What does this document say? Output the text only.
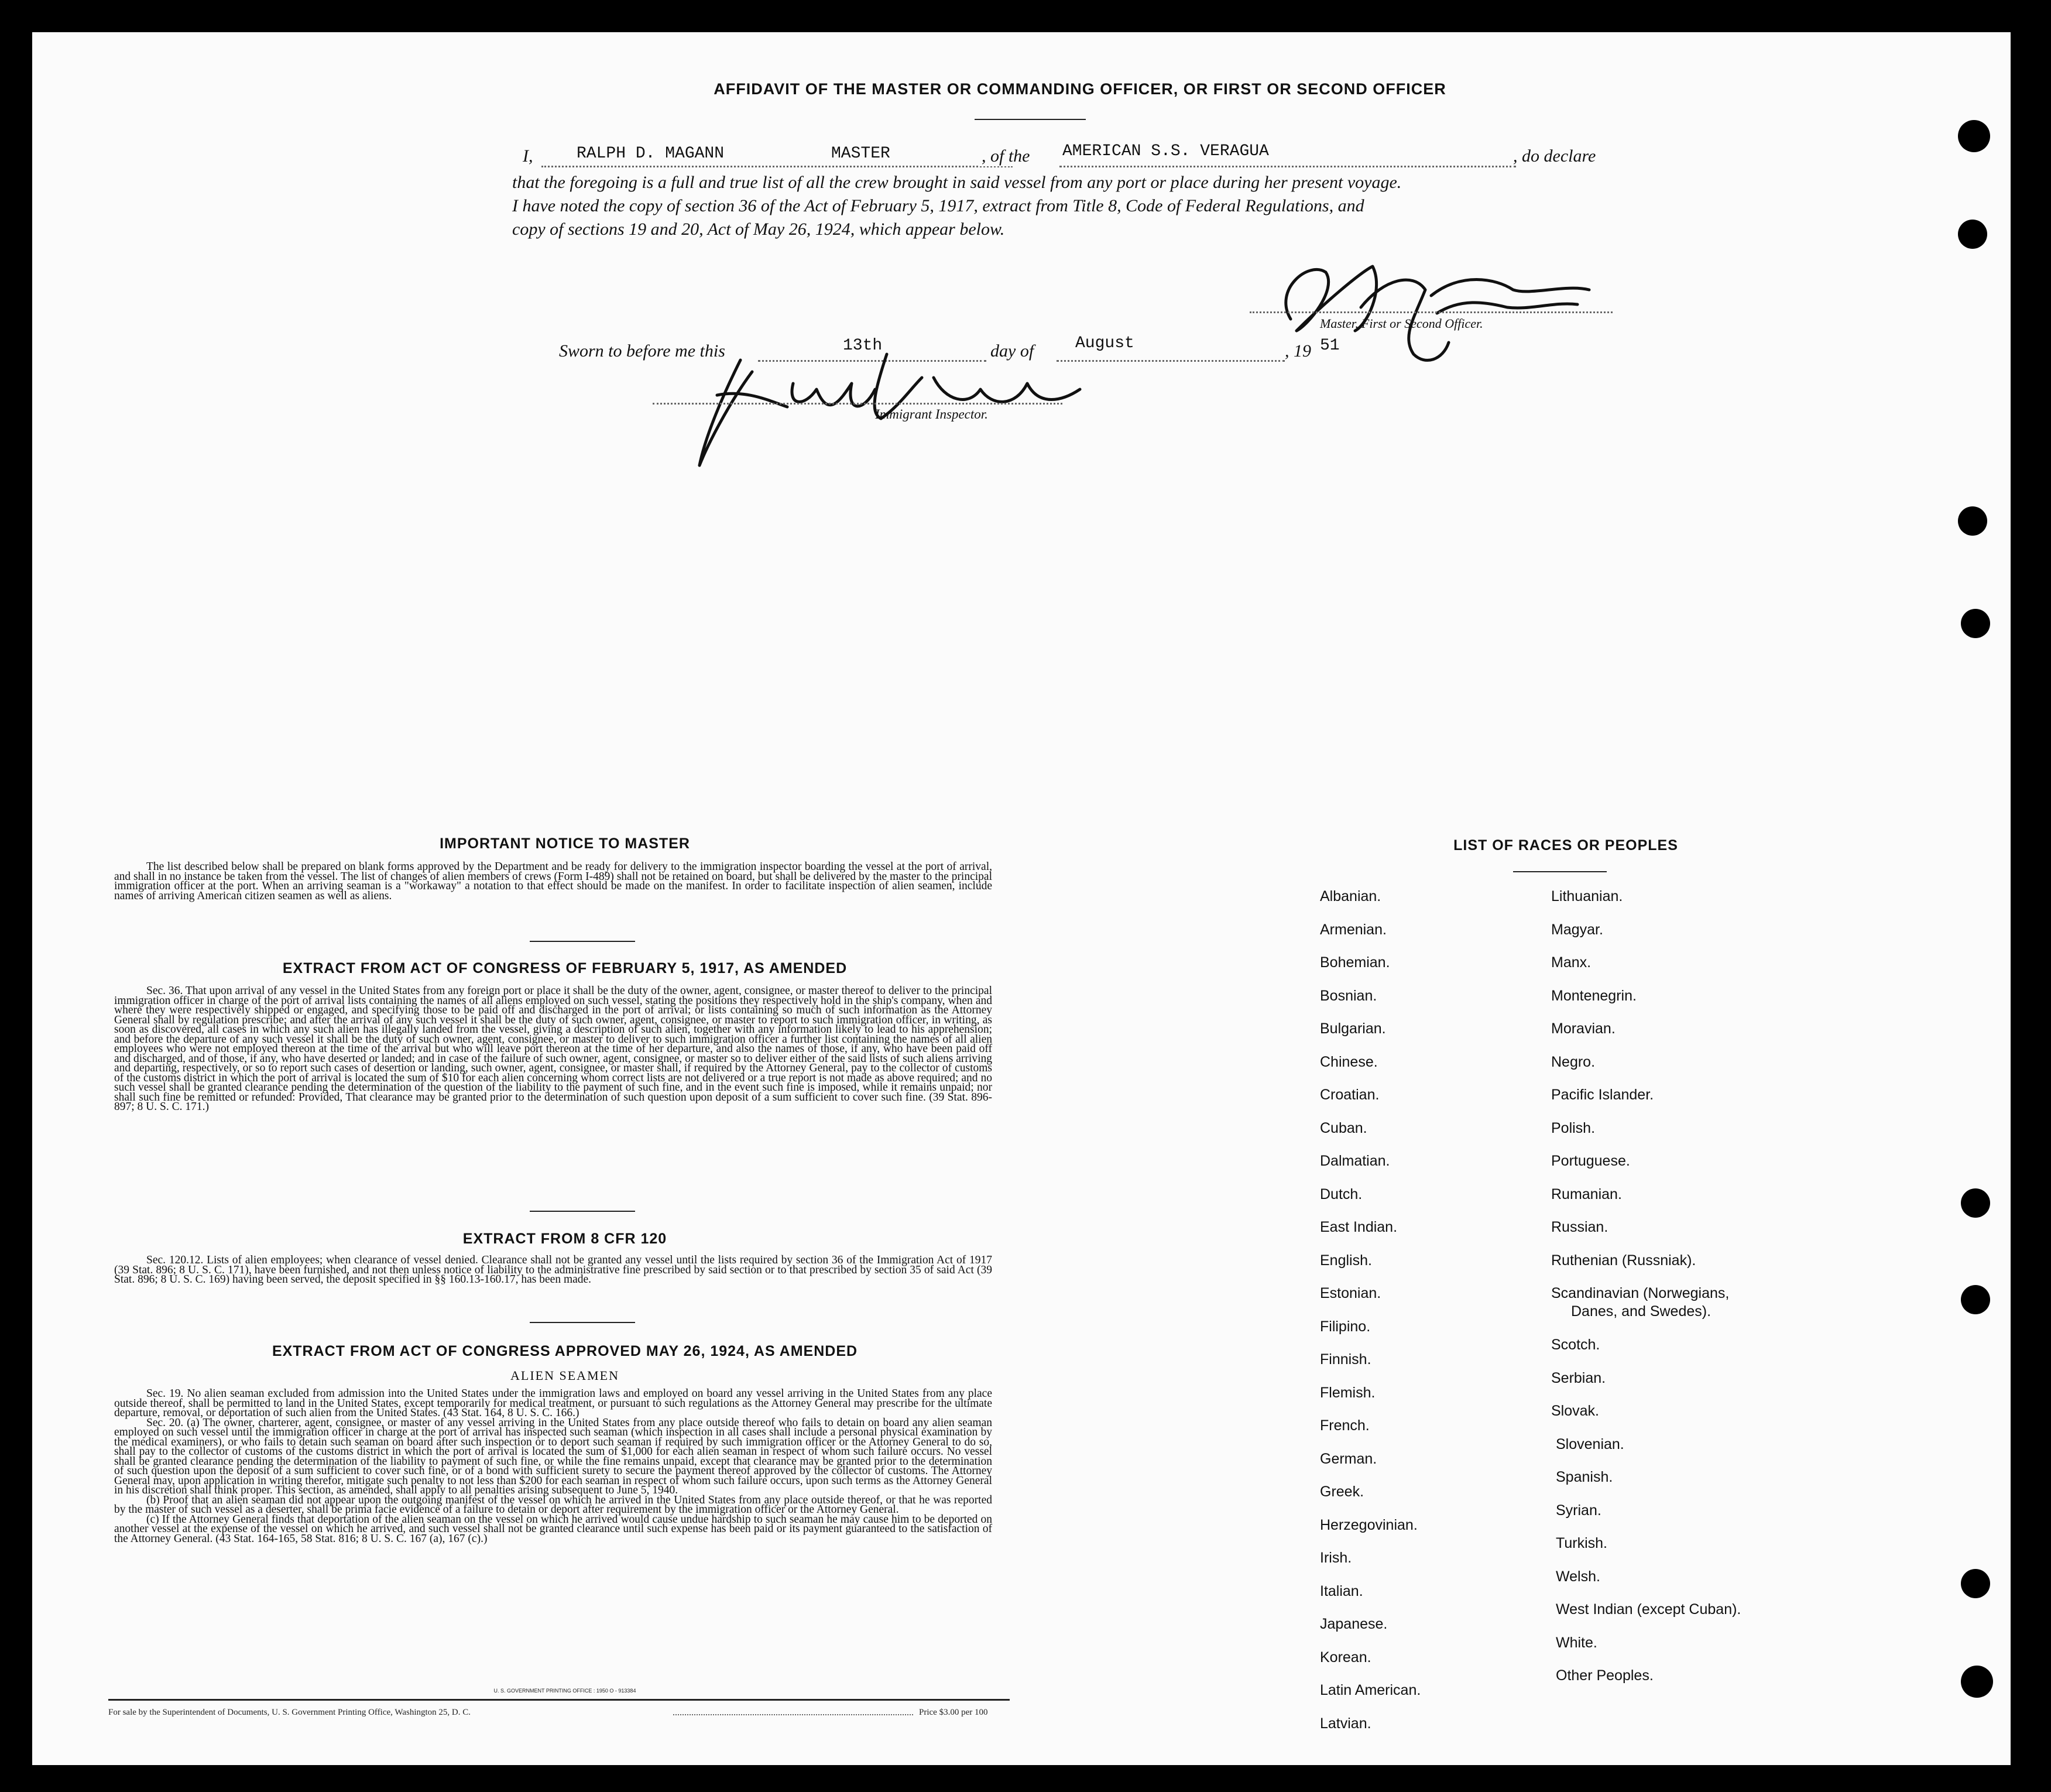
AFFIDAVIT OF THE MASTER OR COMMANDING OFFICER, OR FIRST OR SECOND OFFICER
I,	RALPH D. MAGANN	MASTER	, of the AMERICAN S.S. VERAGUA	, do declare
that the foregoing is a full and true list of all the crew brought in said vessel from any port or place during her present voyage.
I have noted the copy of section 36 of the Act of February 5, 1917, extract from Title 8, Code of Federal Regulations, and
copy of sections 19 and 20, Act of May 26, 1924, which appear below.
Master, First or Second Officer.
Sworn to before me this	13th	day of	August	, 19 51
Immigrant Inspector.
IMPORTANT NOTICE TO MASTER
The list described below shall be prepared on blank forms approved by the Department and be ready for delivery to the immigration inspector boarding the vessel at the port of arrival, and shall in no instance be taken from the vessel. The list of changes of alien members of crews (Form I-489) shall not be retained on board, but shall be delivered by the master to the principal immigration officer at the port. When an arriving seaman is a "workaway" a notation to that effect should be made on the manifest. In order to facilitate inspection of alien seamen, include names of arriving American citizen seamen as well as aliens.
EXTRACT FROM ACT OF CONGRESS OF FEBRUARY 5, 1917, AS AMENDED
Sec. 36. That upon arrival of any vessel in the United States from any foreign port or place it shall be the duty of the owner, agent, consignee, or master thereof to deliver to the principal immigration officer in charge of the port of arrival lists containing the names of all aliens employed on such vessel, stating the positions they respectively hold in the ship's company, when and where they were respectively shipped or engaged, and specifying those to be paid off and discharged in the port of arrival; or lists containing so much of such information as the Attorney General shall by regulation prescribe; and after the arrival of any such vessel it shall be the duty of such owner, agent, consignee, or master to report to such immigration officer, in writing, as soon as discovered, all cases in which any such alien has illegally landed from the vessel, giving a description of such alien, together with any information likely to lead to his apprehension; and before the departure of any such vessel it shall be the duty of such owner, agent, consignee, or master to deliver to such immigration officer a further list containing the names of all alien employees who were not employed thereon at the time of the arrival but who will leave port thereon at the time of her departure, and also the names of those, if any, who have been paid off and discharged, and of those, if any, who have deserted or landed; and in case of the failure of such owner, agent, consignee, or master so to deliver either of the said lists of such aliens arriving and departing, respectively, or so to report such cases of desertion or landing, such owner, agent, consignee, or master shall, if required by the Attorney General, pay to the collector of customs of the customs district in which the port of arrival is located the sum of $10 for each alien concerning whom correct lists are not delivered or a true report is not made as above required; and no such vessel shall be granted clearance pending the determination of the question of the liability to the payment of such fine, and in the event such fine is imposed, while it remains unpaid; nor shall such fine be remitted or refunded: Provided, That clearance may be granted prior to the determination of such question upon deposit of a sum sufficient to cover such fine. (39 Stat. 896-897; 8 U. S. C. 171.)
EXTRACT FROM 8 CFR 120
Sec. 120.12. Lists of alien employees; when clearance of vessel denied. Clearance shall not be granted any vessel until the lists required by section 36 of the Immigration Act of 1917 (39 Stat. 896; 8 U. S. C. 171), have been furnished, and not then unless notice of liability to the administrative fine prescribed by said section or to that prescribed by section 35 of said Act (39 Stat. 896; 8 U. S. C. 169) having been served, the deposit specified in §§ 160.13-160.17, has been made.
EXTRACT FROM ACT OF CONGRESS APPROVED MAY 26, 1924, AS AMENDED
ALIEN SEAMEN
Sec. 19. No alien seaman excluded from admission into the United States under the immigration laws and employed on board any vessel arriving in the United States from any place outside thereof, shall be permitted to land in the United States, except temporarily for medical treatment, or pursuant to such regulations as the Attorney General may prescribe for the ultimate departure, removal, or deportation of such alien from the United States. (43 Stat. 164, 8 U. S. C. 166.)
Sec. 20. (a) The owner, charterer, agent, consignee, or master of any vessel arriving in the United States from any place outside thereof who fails to detain on board any alien seaman employed on such vessel until the immigration officer in charge at the port of arrival has inspected such seaman (which inspection in all cases shall include a personal physical examination by the medical examiners), or who fails to detain such seaman on board after such inspection or to deport such seaman if required by such immigration officer or the Attorney General to do so, shall pay to the collector of customs of the customs district in which the port of arrival is located the sum of $1,000 for each alien seaman in respect of whom such failure occurs. No vessel shall be granted clearance pending the determination of the liability to payment of such fine, or while the fine remains unpaid, except that clearance may be granted prior to the determination of such question upon the deposit of a sum sufficient to cover such fine, or of a bond with sufficient surety to secure the payment thereof approved by the collector of customs. The Attorney General may, upon application in writing therefor, mitigate such penalty to not less than $200 for each seaman in respect of whom such failure occurs, upon such terms as the Attorney General in his discretion shall think proper. This section, as amended, shall apply to all penalties arising subsequent to June 5, 1940.
(b) Proof that an alien seaman did not appear upon the outgoing manifest of the vessel on which he arrived in the United States from any place outside thereof, or that he was reported by the master of such vessel as a deserter, shall be prima facie evidence of a failure to detain or deport after requirement by the immigration officer or the Attorney General.
(c) If the Attorney General finds that deportation of the alien seaman on the vessel on which he arrived would cause undue hardship to such seaman he may cause him to be deported on another vessel at the expense of the vessel on which he arrived, and such vessel shall not be granted clearance until such expense has been paid or its payment guaranteed to the satisfaction of the Attorney General. (43 Stat. 164-165, 58 Stat. 816; 8 U. S. C. 167 (a), 167 (c).)
U. S. GOVERNMENT PRINTING OFFICE : 1950 O - 913384
For sale by the Superintendent of Documents, U. S. Government Printing Office, Washington 25, D. C.	Price $3.00 per 100
LIST OF RACES OR PEOPLES
Albanian.
Armenian.
Bohemian.
Bosnian.
Bulgarian.
Chinese.
Croatian.
Cuban.
Dalmatian.
Dutch.
East Indian.
English.
Estonian.
Filipino.
Finnish.
Flemish.
French.
German.
Greek.
Herzegovinian.
Irish.
Italian.
Japanese.
Korean.
Latin American.
Latvian.
Lithuanian.
Magyar.
Manx.
Montenegrin.
Moravian.
Negro.
Pacific Islander.
Polish.
Portuguese.
Rumanian.
Russian.
Ruthenian (Russniak).
Scandinavian (Norwegians,
Danes, and Swedes).
Scotch.
Serbian.
Slovak.
Slovenian.
Spanish.
Syrian.
Turkish.
Welsh.
West Indian (except Cuban).
White.
Other Peoples.
